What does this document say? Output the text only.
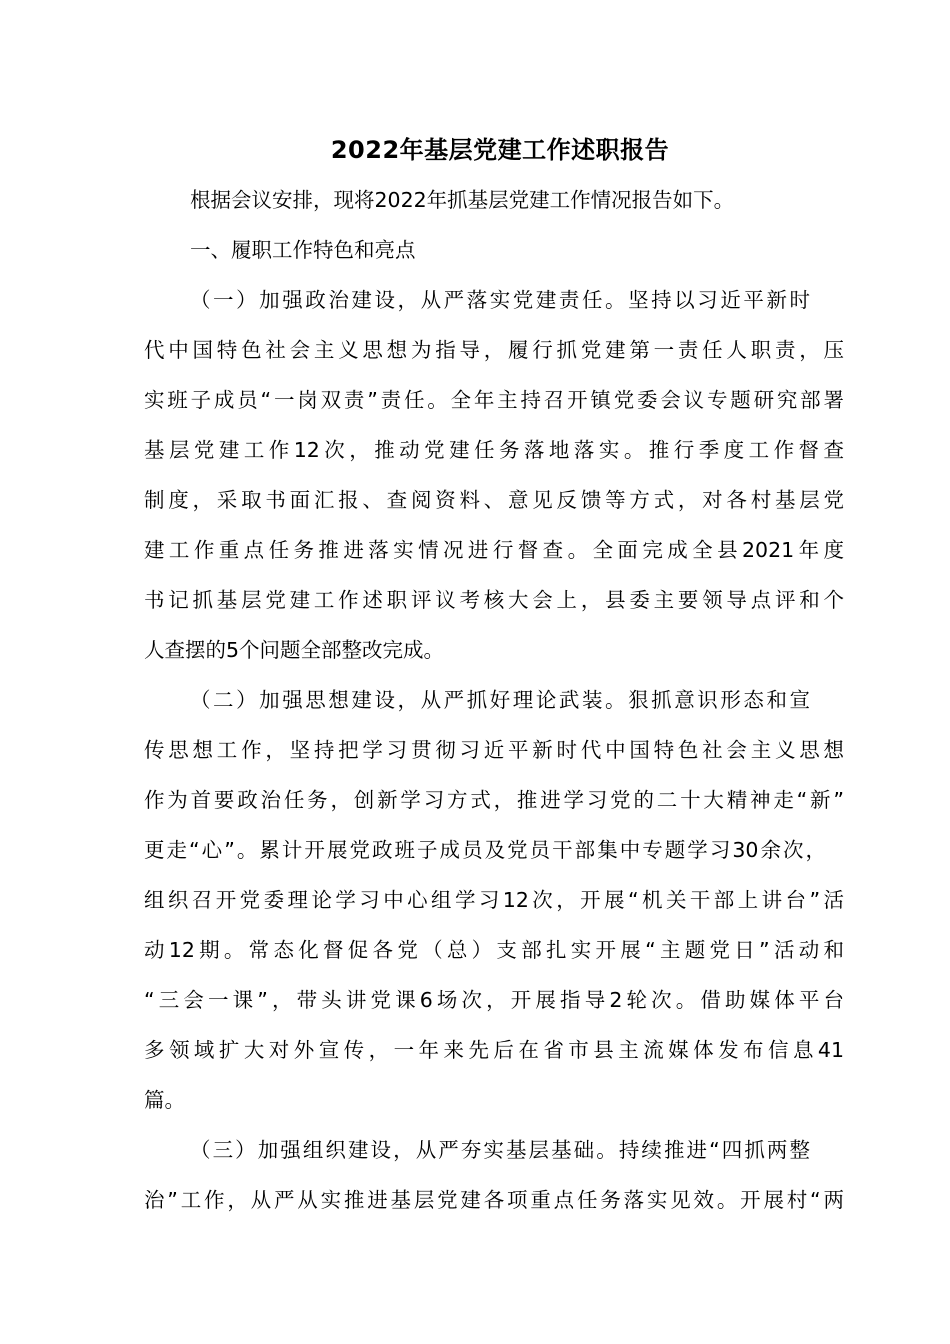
2022年基层党建工作述职报告
根据会议安排，现将2022年抓基层党建工作情况报告如下。
一、履职工作特色和亮点
（一）加强政治建设，从严落实党建责任。坚持以习近平新时
代中国特色社会主义思想为指导，履行抓党建第一责任人职责，压
实班子成员“一岗双责”责任。全年主持召开镇党委会议专题研究部署
基层党建工作12次，推动党建任务落地落实。推行季度工作督查
制度，采取书面汇报、查阅资料、意见反馈等方式，对各村基层党
建工作重点任务推进落实情况进行督查。全面完成全县2021年度
书记抓基层党建工作述职评议考核大会上，县委主要领导点评和个
人查摆的5个问题全部整改完成。
（二）加强思想建设，从严抓好理论武装。狠抓意识形态和宣
传思想工作，坚持把学习贯彻习近平新时代中国特色社会主义思想
作为首要政治任务，创新学习方式，推进学习党的二十大精神走“新”
更走“心”。累计开展党政班子成员及党员干部集中专题学习30余次，
组织召开党委理论学习中心组学习12次，开展“机关干部上讲台”活
动12期。常态化督促各党（总）支部扎实开展“主题党日”活动和
“三会一课”，带头讲党课6场次，开展指导2轮次。借助媒体平台
多领域扩大对外宣传，一年来先后在省市县主流媒体发布信息41
篇。
（三）加强组织建设，从严夯实基层基础。持续推进“四抓两整
治”工作，从严从实推进基层党建各项重点任务落实见效。开展村“两
